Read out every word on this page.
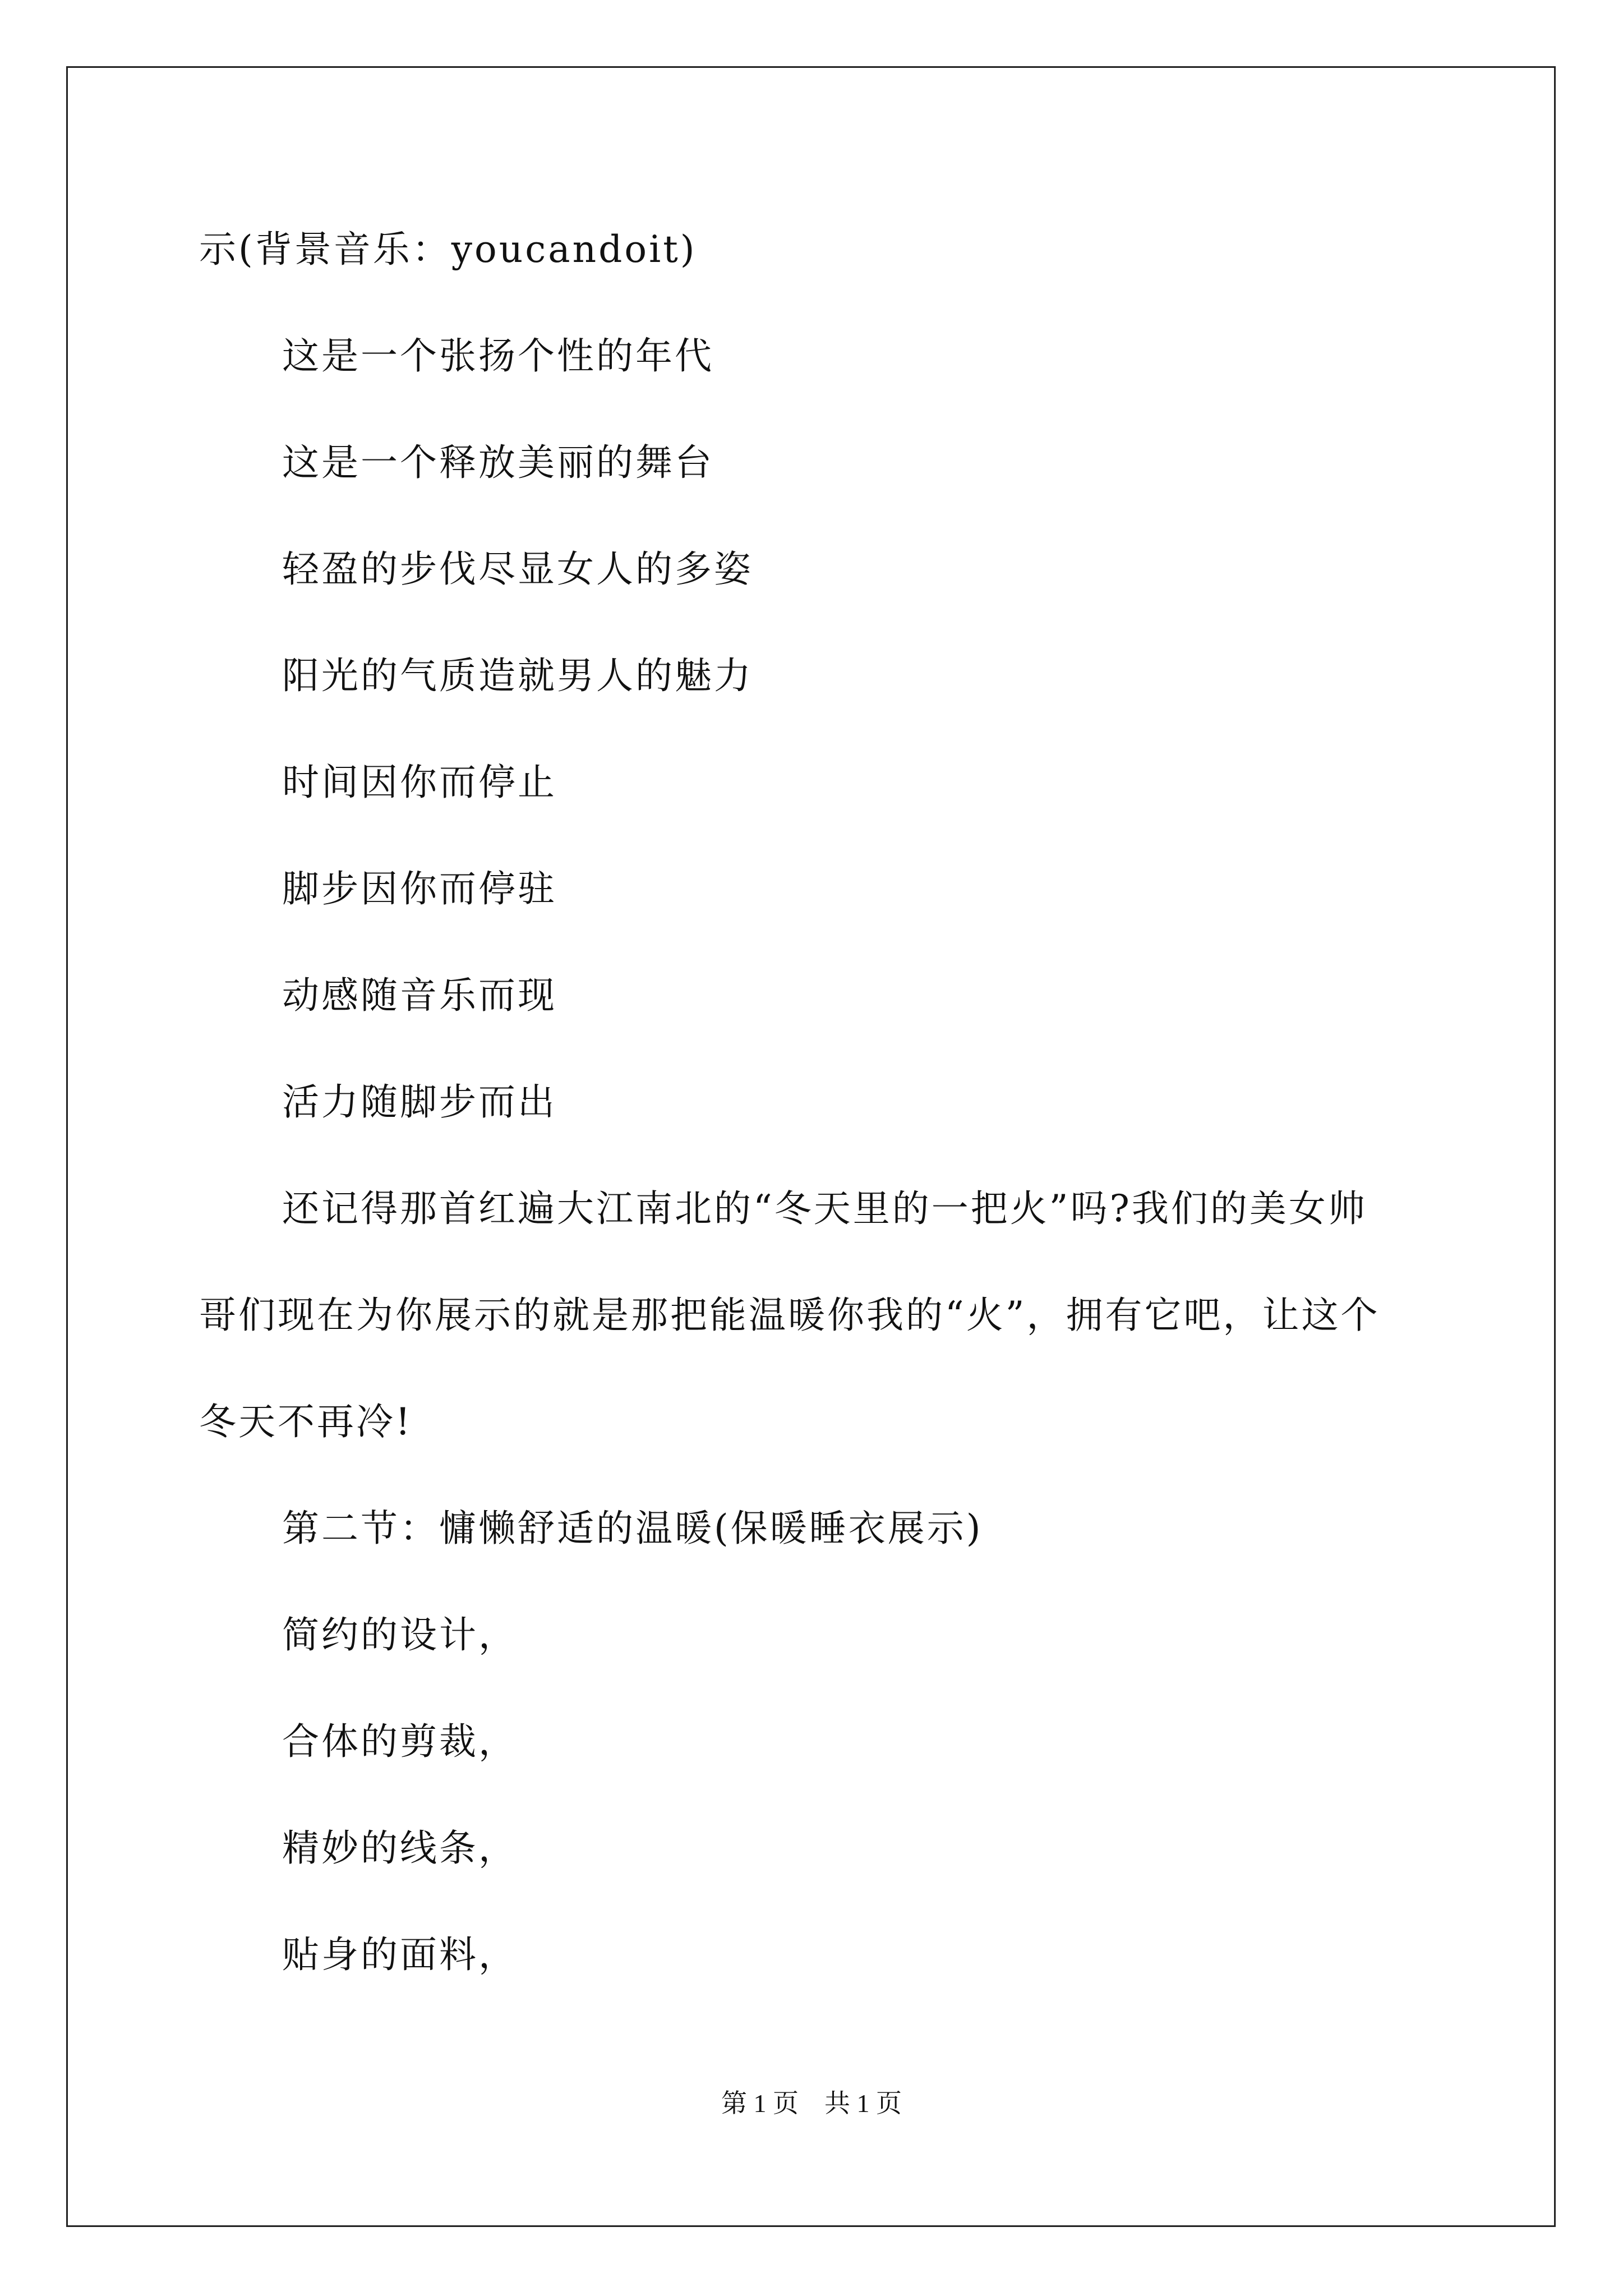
示(背景音乐：youcandoit)
这是一个张扬个性的年代
这是一个释放美丽的舞台
轻盈的步伐尽显女人的多姿
阳光的气质造就男人的魅力
时间因你而停止
脚步因你而停驻
动感随音乐而现
活力随脚步而出
还记得那首红遍大江南北的“冬天里的一把火”吗?我们的美女帅
哥们现在为你展示的就是那把能温暖你我的“火”，拥有它吧，让这个
冬天不再冷!
第二节：慵懒舒适的温暖(保暖睡衣展示)
简约的设计，
合体的剪裁，
精妙的线条，
贴身的面料，
第 1 页　共 1 页
